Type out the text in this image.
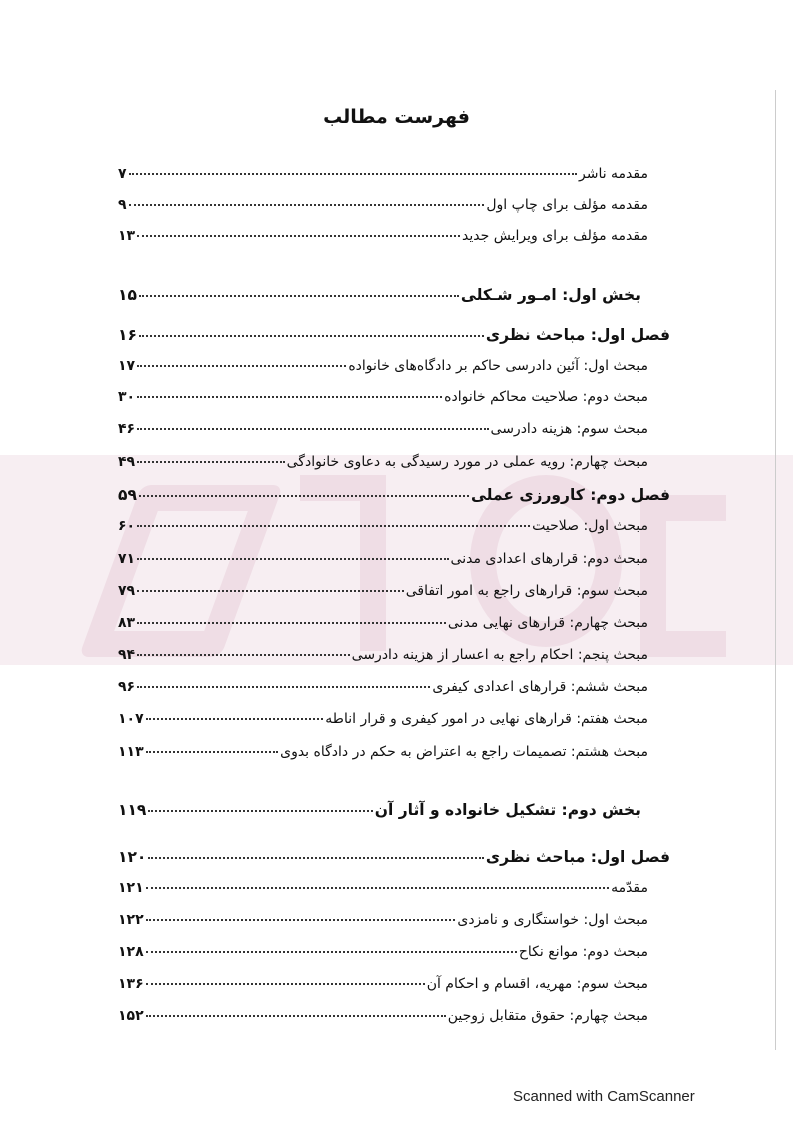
فهرست مطالب
مقدمه ناشر
۷
مقدمه مؤلف برای چاپ اول
۹
مقدمه مؤلف برای ویرایش جدید
۱۳
بخش اول: امـور شـکلی
۱۵
فصل اول: مباحث نظری
۱۶
مبحث اول: آئین دادرسی حاکم بر دادگاه‌های خانواده
۱۷
مبحث دوم: صلاحیت محاکم خانواده
۳۰
مبحث سوم: هزینه دادرسی
۴۶
مبحث چهارم: رویه عملی در مورد رسیدگی به دعاوی خانوادگی
۴۹
فصل دوم: کارورزی عملی
۵۹
مبحث اول: صلاحیت
۶۰
مبحث دوم: قرارهای اعدادی مدنی
۷۱
مبحث سوم: قرارهای راجع به امور اتفاقی
۷۹
مبحث چهارم: قرارهای نهایی مدنی
۸۳
مبحث پنجم: احکام راجع به اعسار از هزینه دادرسی
۹۴
مبحث ششم: قرارهای اعدادی کیفری
۹۶
مبحث هفتم: قرارهای نهایی در امور کیفری و قرار اناطه
۱۰۷
مبحث هشتم: تصمیمات راجع به اعتراض به حکم در دادگاه بدوی
۱۱۳
بخش دوم: تشکیل خانواده و آثار آن
۱۱۹
فصل اول: مباحث نظری
۱۲۰
مقدّمه
۱۲۱
مبحث اول: خواستگاری و نامزدی
۱۲۲
مبحث دوم: موانع نکاح
۱۲۸
مبحث سوم: مهریه، اقسام و احکام آن
۱۳۶
مبحث چهارم: حقوق متقابل زوجین
۱۵۲
Scanned with CamScanner
